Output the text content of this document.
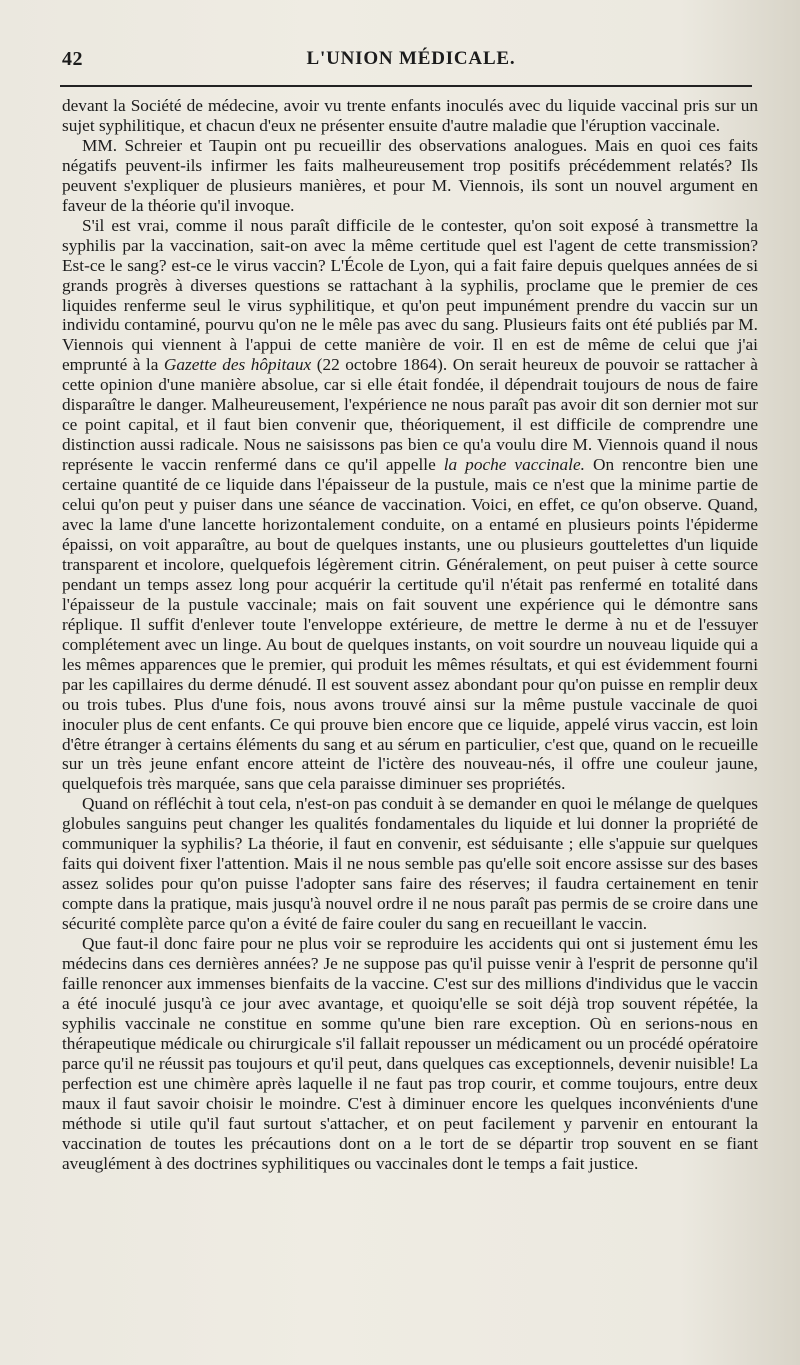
42	L'UNION MÉDICALE.

devant la Société de médecine, avoir vu trente enfants inoculés avec du liquide vaccinal pris sur un sujet syphilitique, et chacun d'eux ne présenter ensuite d'autre maladie que l'éruption vaccinale.

MM. Schreier et Taupin ont pu recueillir des observations analogues. Mais en quoi ces faits négatifs peuvent-ils infirmer les faits malheureusement trop positifs précédemment relatés? Ils peuvent s'expliquer de plusieurs manières, et pour M. Viennois, ils sont un nouvel argument en faveur de la théorie qu'il invoque.

S'il est vrai, comme il nous paraît difficile de le contester, qu'on soit exposé à transmettre la syphilis par la vaccination, sait-on avec la même certitude quel est l'agent de cette transmission? Est-ce le sang? est-ce le virus vaccin? L'École de Lyon, qui a fait faire depuis quelques années de si grands progrès à diverses questions se rattachant à la syphilis, proclame que le premier de ces liquides renferme seul le virus syphilitique, et qu'on peut impunément prendre du vaccin sur un individu contaminé, pourvu qu'on ne le mêle pas avec du sang. Plusieurs faits ont été publiés par M. Viennois qui viennent à l'appui de cette manière de voir. Il en est de même de celui que j'ai emprunté à la Gazette des hôpitaux (22 octobre 1864). On serait heureux de pouvoir se rattacher à cette opinion d'une manière absolue, car si elle était fondée, il dépendrait toujours de nous de faire disparaître le danger. Malheureusement, l'expérience ne nous paraît pas avoir dit son dernier mot sur ce point capital, et il faut bien convenir que, théoriquement, il est difficile de comprendre une distinction aussi radicale. Nous ne saisissons pas bien ce qu'a voulu dire M. Viennois quand il nous représente le vaccin renfermé dans ce qu'il appelle la poche vaccinale. On rencontre bien une certaine quantité de ce liquide dans l'épaisseur de la pustule, mais ce n'est que la minime partie de celui qu'on peut y puiser dans une séance de vaccination. Voici, en effet, ce qu'on observe. Quand, avec la lame d'une lancette horizontalement conduite, on a entamé en plusieurs points l'épiderme épaissi, on voit apparaître, au bout de quelques instants, une ou plusieurs gouttelettes d'un liquide transparent et incolore, quelquefois légèrement citrin. Généralement, on peut puiser à cette source pendant un temps assez long pour acquérir la certitude qu'il n'était pas renfermé en totalité dans l'épaisseur de la pustule vaccinale; mais on fait souvent une expérience qui le démontre sans réplique. Il suffit d'enlever toute l'enveloppe extérieure, de mettre le derme à nu et de l'essuyer complétement avec un linge. Au bout de quelques instants, on voit sourdre un nouveau liquide qui a les mêmes apparences que le premier, qui produit les mêmes résultats, et qui est évidemment fourni par les capillaires du derme dénudé. Il est souvent assez abondant pour qu'on puisse en remplir deux ou trois tubes. Plus d'une fois, nous avons trouvé ainsi sur la même pustule vaccinale de quoi inoculer plus de cent enfants. Ce qui prouve bien encore que ce liquide, appelé virus vaccin, est loin d'être étranger à certains éléments du sang et au sérum en particulier, c'est que, quand on le recueille sur un très jeune enfant encore atteint de l'ictère des nouveau-nés, il offre une couleur jaune, quelquefois très marquée, sans que cela paraisse diminuer ses propriétés.

Quand on réfléchit à tout cela, n'est-on pas conduit à se demander en quoi le mélange de quelques globules sanguins peut changer les qualités fondamentales du liquide et lui donner la propriété de communiquer la syphilis? La théorie, il faut en convenir, est séduisante ; elle s'appuie sur quelques faits qui doivent fixer l'attention. Mais il ne nous semble pas qu'elle soit encore assisse sur des bases assez solides pour qu'on puisse l'adopter sans faire des réserves; il faudra certainement en tenir compte dans la pratique, mais jusqu'à nouvel ordre il ne nous paraît pas permis de se croire dans une sécurité complète parce qu'on a évité de faire couler du sang en recueillant le vaccin.

Que faut-il donc faire pour ne plus voir se reproduire les accidents qui ont si justement ému les médecins dans ces dernières années? Je ne suppose pas qu'il puisse venir à l'esprit de personne qu'il faille renoncer aux immenses bienfaits de la vaccine. C'est sur des millions d'individus que le vaccin a été inoculé jusqu'à ce jour avec avantage, et quoiqu'elle se soit déjà trop souvent répétée, la syphilis vaccinale ne constitue en somme qu'une bien rare exception. Où en serions-nous en thérapeutique médicale ou chirurgicale s'il fallait repousser un médicament ou un procédé opératoire parce qu'il ne réussit pas toujours et qu'il peut, dans quelques cas exceptionnels, devenir nuisible! La perfection est une chimère après laquelle il ne faut pas trop courir, et comme toujours, entre deux maux il faut savoir choisir le moindre. C'est à diminuer encore les quelques inconvénients d'une méthode si utile qu'il faut surtout s'attacher, et on peut facilement y parvenir en entourant la vaccination de toutes les précautions dont on a le tort de se départir trop souvent en se fiant aveuglément à des doctrines syphilitiques ou vaccinales dont le temps a fait justice.
